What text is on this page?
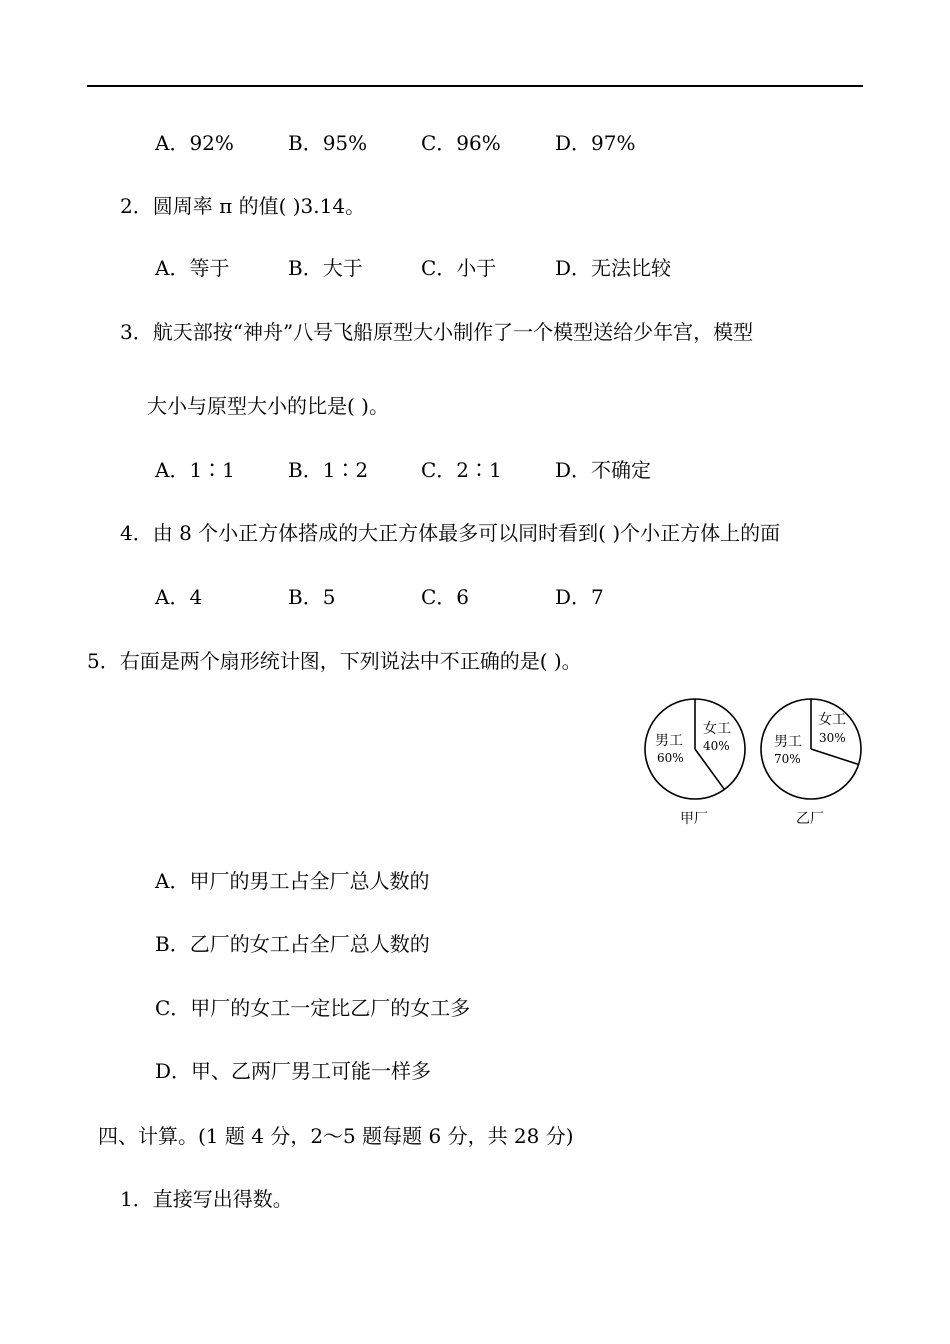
A．92%	B．95%	C．96%	D．97%
2．圆周率 π 的值( )3.14。
A．等于	B．大于	C．小于	D．无法比较
3．航天部按“神舟”八号飞船原型大小制作了一个模型送给少年宫，模型
大小与原型大小的比是( )。
A．1∶1	B．1∶2	C．2∶1	D．不确定
4．由 8 个小正方体搭成的大正方体最多可以同时看到( )个小正方体上的面
A．4	B．5	C．6	D．7
5．右面是两个扇形统计图，下列说法中不正确的是( )。
男工
60%
女工
40%
甲厂
男工
70%
女工
30%
乙厂
A．甲厂的男工占全厂总人数的
B．乙厂的女工占全厂总人数的
C．甲厂的女工一定比乙厂的女工多
D．甲、乙两厂男工可能一样多
四、计算。(1 题 4 分，2～5 题每题 6 分，共 28 分)
1．直接写出得数。
